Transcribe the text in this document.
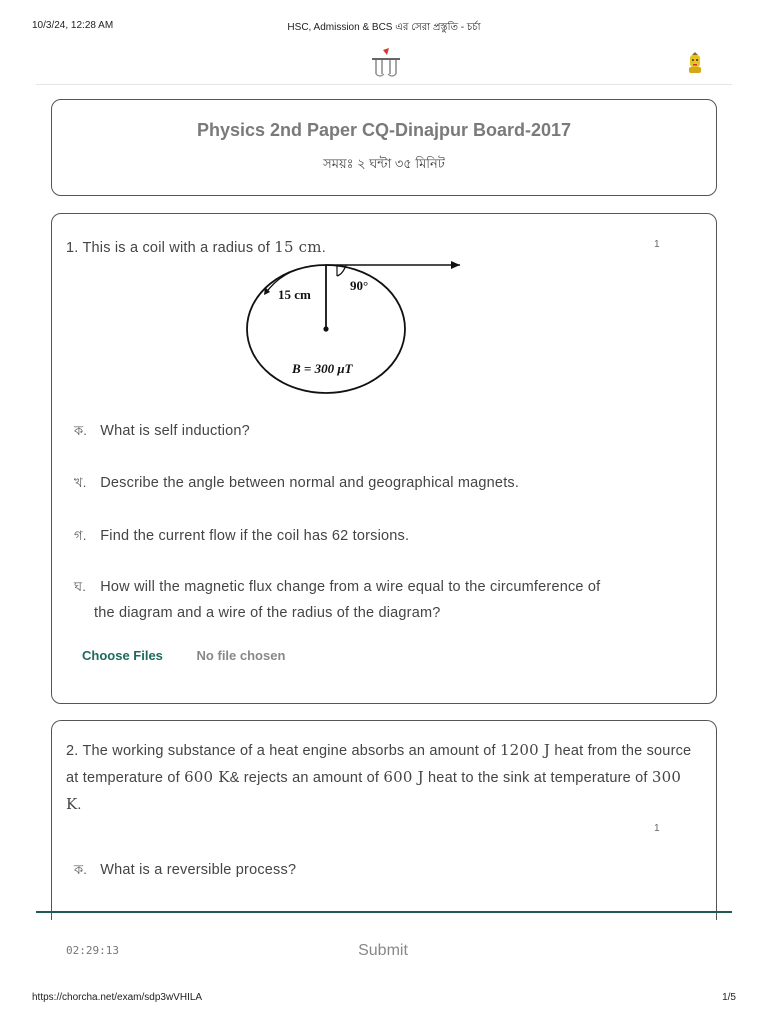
10/3/24, 12:28 AM	HSC, Admission & BCS এর সেরা প্রস্তুতি - চর্চা
Physics 2nd Paper CQ-Dinajpur Board-2017
সময়ঃ ২ ঘন্টা ৩৫ মিনিট
1. This is a coil with a radius of 15 cm.	1
15 cm
90°
B = 300 μT
ক. What is self induction?
খ. Describe the angle between normal and geographical magnets.
গ. Find the current flow if the coil has 62 torsions.
ঘ. How will the magnetic flux change from a wire equal to the circumference of
the diagram and a wire of the radius of the diagram?
Choose Files	No file chosen
2. The working substance of a heat engine absorbs an amount of 1200 J heat from the source at temperature of 600 K& rejects an amount of 600 J heat to the sink at temperature of 300 K.
1
ক. What is a reversible process?
02:29:13	Submit
https://chorcha.net/exam/sdp3wVHILA	1/5
